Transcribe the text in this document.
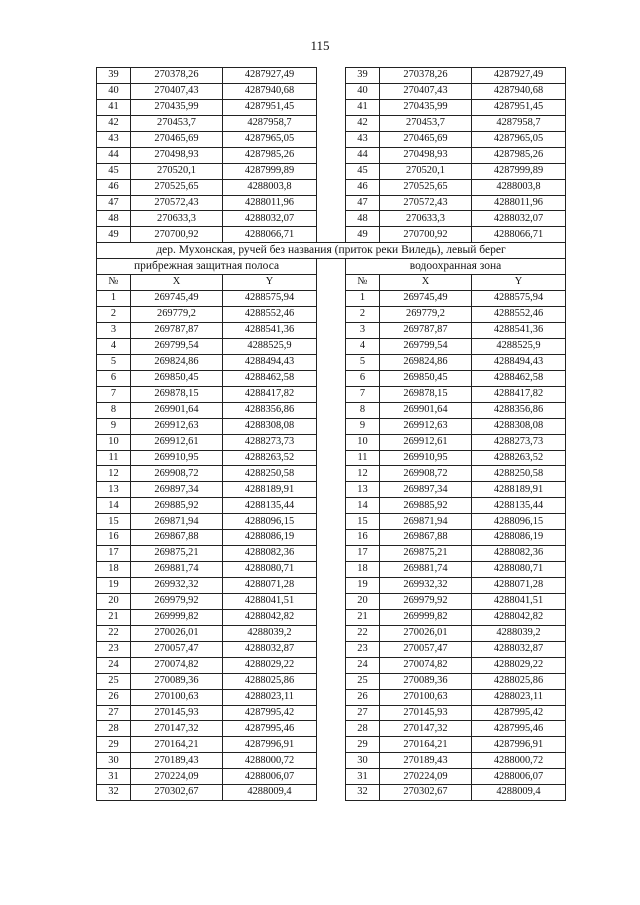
115
39	270378,26	4287927,49		39	270378,26	4287927,49
40	270407,43	4287940,68		40	270407,43	4287940,68
41	270435,99	4287951,45		41	270435,99	4287951,45
42	270453,7	4287958,7		42	270453,7	4287958,7
43	270465,69	4287965,05		43	270465,69	4287965,05
44	270498,93	4287985,26		44	270498,93	4287985,26
45	270520,1	4287999,89		45	270520,1	4287999,89
46	270525,65	4288003,8		46	270525,65	4288003,8
47	270572,43	4288011,96		47	270572,43	4288011,96
48	270633,3	4288032,07		48	270633,3	4288032,07
49	270700,92	4288066,71		49	270700,92	4288066,71
дер. Мухонская, ручей без названия (приток реки Виледь), левый берег						
прибрежная защитная полоса				водоохранная зона		
№	X	Y		№	X	Y
1	269745,49	4288575,94		1	269745,49	4288575,94
2	269779,2	4288552,46		2	269779,2	4288552,46
3	269787,87	4288541,36		3	269787,87	4288541,36
4	269799,54	4288525,9		4	269799,54	4288525,9
5	269824,86	4288494,43		5	269824,86	4288494,43
6	269850,45	4288462,58		6	269850,45	4288462,58
7	269878,15	4288417,82		7	269878,15	4288417,82
8	269901,64	4288356,86		8	269901,64	4288356,86
9	269912,63	4288308,08		9	269912,63	4288308,08
10	269912,61	4288273,73		10	269912,61	4288273,73
11	269910,95	4288263,52		11	269910,95	4288263,52
12	269908,72	4288250,58		12	269908,72	4288250,58
13	269897,34	4288189,91		13	269897,34	4288189,91
14	269885,92	4288135,44		14	269885,92	4288135,44
15	269871,94	4288096,15		15	269871,94	4288096,15
16	269867,88	4288086,19		16	269867,88	4288086,19
17	269875,21	4288082,36		17	269875,21	4288082,36
18	269881,74	4288080,71		18	269881,74	4288080,71
19	269932,32	4288071,28		19	269932,32	4288071,28
20	269979,92	4288041,51		20	269979,92	4288041,51
21	269999,82	4288042,82		21	269999,82	4288042,82
22	270026,01	4288039,2		22	270026,01	4288039,2
23	270057,47	4288032,87		23	270057,47	4288032,87
24	270074,82	4288029,22		24	270074,82	4288029,22
25	270089,36	4288025,86		25	270089,36	4288025,86
26	270100,63	4288023,11		26	270100,63	4288023,11
27	270145,93	4287995,42		27	270145,93	4287995,42
28	270147,32	4287995,46		28	270147,32	4287995,46
29	270164,21	4287996,91		29	270164,21	4287996,91
30	270189,43	4288000,72		30	270189,43	4288000,72
31	270224,09	4288006,07		31	270224,09	4288006,07
32	270302,67	4288009,4		32	270302,67	4288009,4
